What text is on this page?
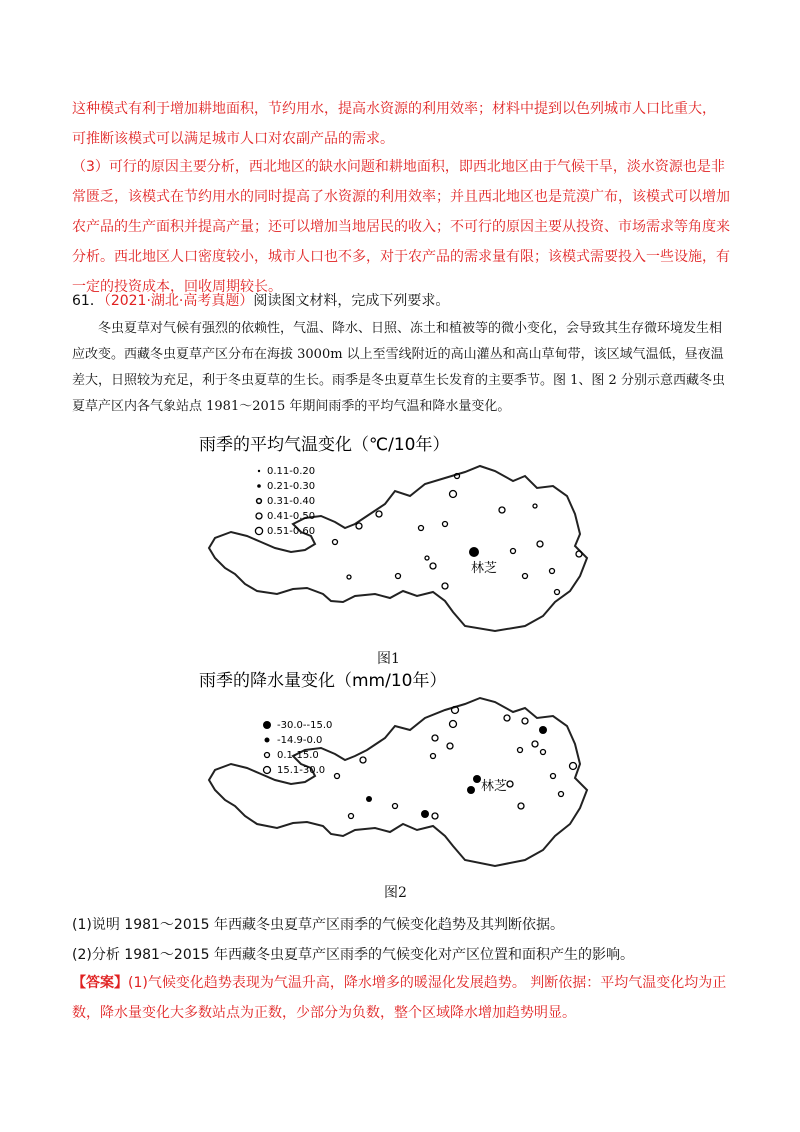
这种模式有利于增加耕地面积，节约用水，提高水资源的利用效率；材料中提到以色列城市人口比重大，

可推断该模式可以满足城市人口对农副产品的需求。

（3）可行的原因主要分析，西北地区的缺水问题和耕地面积，即西北地区由于气候干旱，淡水资源也是非常匮乏，该模式在节约用水的同时提高了水资源的利用效率；并且西北地区也是荒漠广布，该模式可以增加农产品的生产面积并提高产量；还可以增加当地居民的收入；不可行的原因主要从投资、市场需求等角度来分析。西北地区人口密度较小，城市人口也不多，对于农产品的需求量有限；该模式需要投入一些设施，有一定的投资成本，回收周期较长。

61．（2021·湖北·高考真题）阅读图文材料，完成下列要求。

冬虫夏草对气候有强烈的依赖性，气温、降水、日照、冻土和植被等的微小变化，会导致其生存微环境发生相应改变。西藏冬虫夏草产区分布在海拔 3000m 以上至雪线附近的高山灌丛和高山草甸带，该区域气温低，昼夜温差大，日照较为充足，利于冬虫夏草的生长。雨季是冬虫夏草生长发育的主要季节。图 1、图 2 分别示意西藏冬虫夏草产区内各气象站点 1981～2015 年期间雨季的平均气温和降水量变化。

雨季的平均气温变化（℃/10年）
0.11-0.20
0.21-0.30
0.31-0.40
0.41-0.50
0.51-0.60
林芝
图1
雨季的降水量变化（mm/10年）
-30.0--15.0
-14.9-0.0
0.1-15.0
15.1-30.0
林芝
图2

(1)说明 1981～2015 年西藏冬虫夏草产区雨季的气候变化趋势及其判断依据。

(2)分析 1981～2015 年西藏冬虫夏草产区雨季的气候变化对产区位置和面积产生的影响。

【答案】(1)气候变化趋势表现为气温升高，降水增多的暖湿化发展趋势。 判断依据：平均气温变化均为正数，降水量变化大多数站点为正数，少部分为负数，整个区域降水增加趋势明显。
